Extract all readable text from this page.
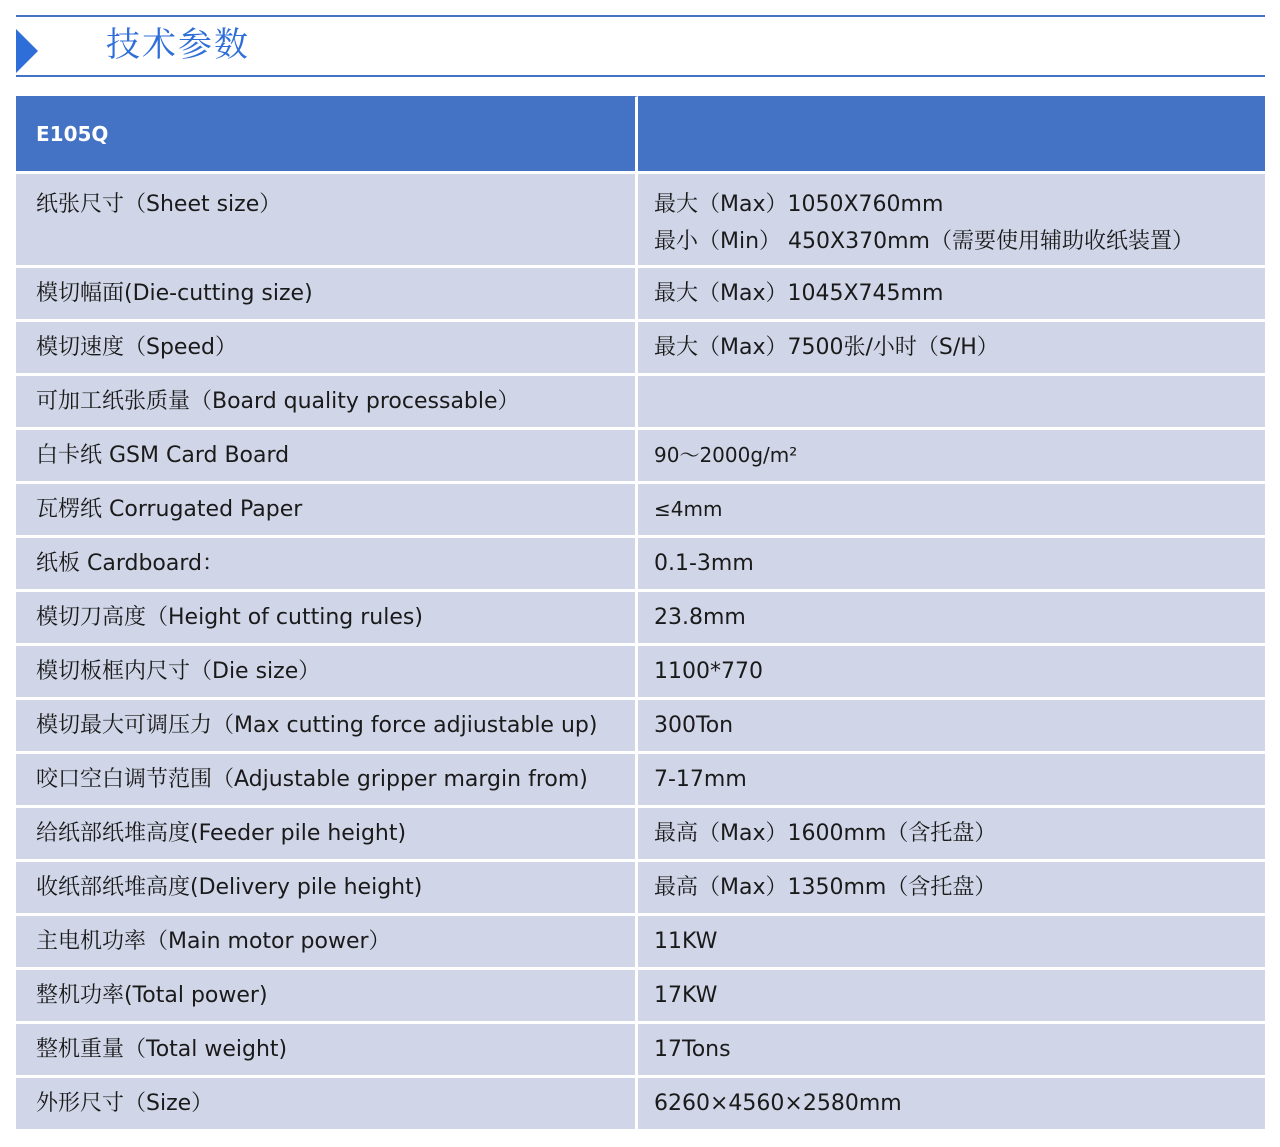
技术参数
E105Q	
纸张尺寸（Sheet size）	最大（Max）1050X760mm
最小（Min） 450X370mm（需要使用辅助收纸装置）

模切幅面(Die-cutting size)	最大（Max）1045X745mm

模切速度（Speed）	最大（Max）7500张/小时（S/H）

可加工纸张质量（Board quality processable）	

白卡纸 GSM Card Board	90～2000g/m²

瓦楞纸 Corrugated Paper	≤4mm

纸板 Cardboard：	0.1-3mm

模切刀高度（Height of cutting rules)	23.8mm

模切板框内尺寸（Die size）	1100*770

模切最大可调压力（Max cutting force adjiustable up)	300Ton

咬口空白调节范围（Adjustable gripper margin from)	7-17mm

给纸部纸堆高度(Feeder pile height)	最高（Max）1600mm（含托盘）

收纸部纸堆高度(Delivery pile height)	最高（Max）1350mm（含托盘）

主电机功率（Main motor power）	11KW

整机功率(Total power)	17KW

整机重量（Total weight)	17Tons

外形尺寸（Size）	6260×4560×2580mm
